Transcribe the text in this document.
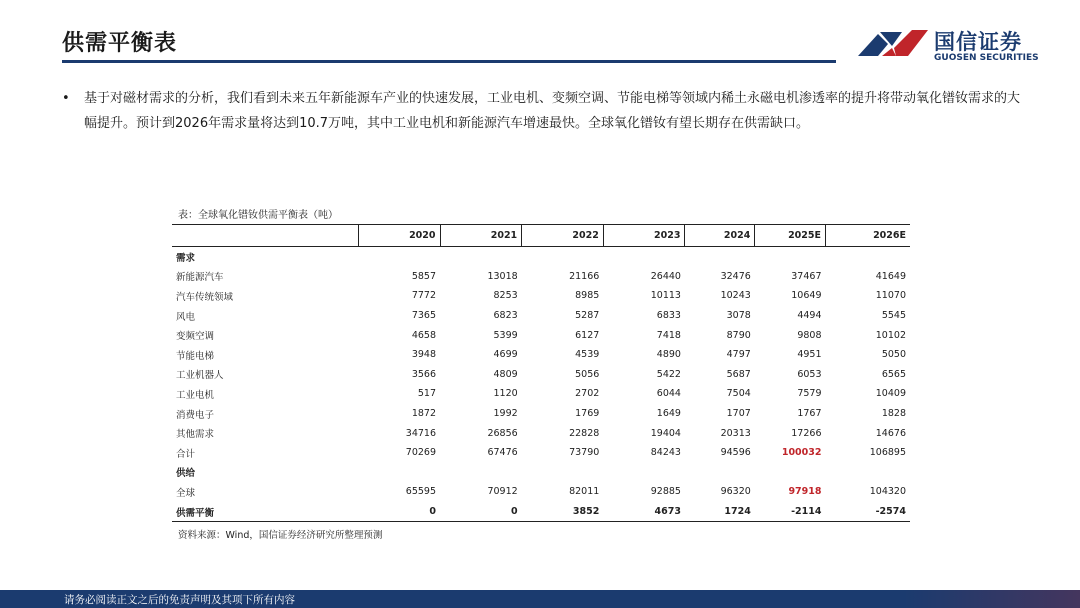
供需平衡表	国信证券
GUOSEN SECURITIES
•	基于对磁材需求的分析，我们看到未来五年新能源车产业的快速发展，工业电机、变频空调、节能电梯等领域内稀土永磁电机渗透率的提升将带动氧化镨钕需求的大幅提升。预计到2026年需求量将达到10.7万吨，其中工业电机和新能源汽车增速最快。全球氧化镨钕有望长期存在供需缺口。
表：全球氧化镨钕供需平衡表（吨）
	2020	2021	2022	2023	2024	2025E	2026E
需求							
新能源汽车	5857	13018	21166	26440	32476	37467	41649
汽车传统领域	7772	8253	8985	10113	10243	10649	11070
风电	7365	6823	5287	6833	3078	4494	5545
变频空调	4658	5399	6127	7418	8790	9808	10102
节能电梯	3948	4699	4539	4890	4797	4951	5050
工业机器人	3566	4809	5056	5422	5687	6053	6565
工业电机	517	1120	2702	6044	7504	7579	10409
消费电子	1872	1992	1769	1649	1707	1767	1828
其他需求	34716	26856	22828	19404	20313	17266	14676
合计	70269	67476	73790	84243	94596	100032	106895
供给							
全球	65595	70912	82011	92885	96320	97918	104320
供需平衡	0	0	3852	4673	1724	-2114	-2574
资料来源：Wind，国信证券经济研究所整理预测
请务必阅读正文之后的免责声明及其项下所有内容
